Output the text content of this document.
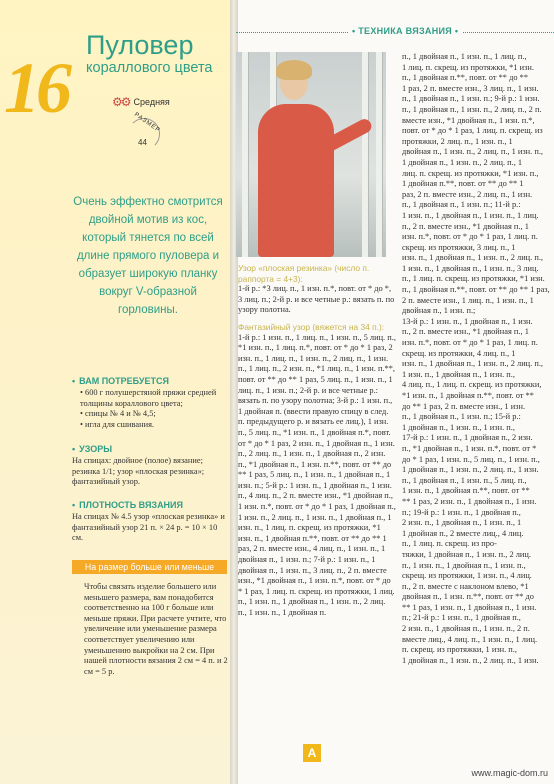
16
Пуловер
кораллового цвета
⚙⚙ Средняя
РАЗМЕР
44
Очень эффектно смотрится двойной мотив из кос, который тянется по всей длине прямого пуловера и образует широкую планку вокруг V-образной горловины.
• ВАМ ПОТРЕБУЕТСЯ
• 600 г полушерстяной пряжи средней толщины кораллового цвета;
• спицы № 4 и № 4,5;
• игла для сшивания.
• УЗОРЫ
На спицах: двойное (полое) вязание; резинка 1/1; узор «плоская резинка»; фантазийный узор.
• ПЛОТНОСТЬ ВЯЗАНИЯ
На спицах № 4.5 узор «плоская резинка» и фантазийный узор 21 п. × 24 р. = 10 × 10 см.
На размер больше или меньше
Чтобы связать изделие большего или меньшего размера, вам понадобится соответственно на 100 г больше или меньше пряжи. При расчете учтите, что увеличение или уменьшение размера соответствует увеличению или уменьшению выкройки на 2 см. При нашей плотности вязания 2 см = 4 п. и 2 см = 5 р.
• ТЕХНИКА ВЯЗАНИЯ •
Узор «плоская резинка» (число п. раппорта = 4+3):
1-й р.: *3 лиц. п., 1 изн. п.*, повт. от * до *, 3 лиц. п.; 2-й р. и все четные р.: вязать п. по узору полотна.
Фантазийный узор (вяжется на 34 п.):
1-й р.: 1 изн. п., 1 лиц. п., 1 изн. п., 5 лиц. п., *1 изн. п., 1 лиц. п.*, повт. от * до * 1 раз, 2 изн. п., 1 лиц. п., 1 изн. п., 2 лиц. п., 1 изн. п., 1 лиц. п., 2 изн. п., *1 лиц. п., 1 изн. п.**, повт. от ** до ** 1 раз, 5 лиц. п., 1 изн. п., 1 лиц. п., 1 изн. п.; 2-й р. и все четные р.: вязать п. по узору полотна; 3-й р.: 1 изн. п., 1 двойная п. (ввести правую спицу в след. п. предыдущего р. и вязать ее лиц.), 1 изн. п., 5 лиц. п., *1 изн. п., 1 двойная п.*, повт. от * до * 1 раз, 2 изн. п., 1 двойная п., 1 изн. п., 2 лиц. п., 1 изн. п., 1 двойная п., 2 изн. п., *1 двойная п., 1 изн. п.**, повт. от ** до ** 1 раз, 5 лиц. п., 1 изн. п., 1 двойная п., 1 изн. п.; 5-й р.: 1 изн. п., 1 двойная п., 1 изн. п., 4 лиц. п., 2 п. вместе изн., *1 двойная п., 1 изн. п.*, повт. от * до * 1 раз, 1 двойная п., 1 изн. п., 2 лиц. п., 1 изн. п., 1 двойная п., 1 изн. п., 1 лиц. п. скрещ. из протяжки, *1 изн. п., 1 двойная п.**, повт. от ** до ** 1 раз, 2 п. вместе изн., 4 лиц. п., 1 изн. п., 1 двойная п., 1 изн. п.; 7-й р.: 1 изн. п., 1 двойная п., 1 изн. п., 3 лиц. п., 2 п. вместе изн., *1 двойная п., 1 изн. п.*, повт. от * до * 1 раз, 1 лиц. п. скрещ. из протяжки, 1 лиц. п., 1 изн. п., 1 двойная п., 1 изн. п., 2 лиц. п., 1 изн. п., 1 двойная п.
п., 1 двойная п., 1 изн. п., 1 лиц. п.,
1 лиц. п. скрещ. из протяжки, *1 изн.
п., 1 двойная п.**, повт. от ** до **
1 раз, 2 п. вместе изн., 3 лиц. п., 1 изн.
п., 1 двойная п., 1 изн. п.; 9-й р.: 1 изн.
п., 1 двойная п., 1 изн. п., 2 лиц. п., 2 п.
вместе изн., *1 двойная п., 1 изн. п.*,
повт. от * до * 1 раз, 1 лиц. п. скрещ. из
протяжки, 2 лиц. п., 1 изн. п., 1
двойная п., 1 изн. п., 2 лиц. п., 1 изн. п.,
1 двойная п., 1 изн. п., 2 лиц. п., 1
лиц. п. скрещ. из протяжки, *1 изн. п.,
1 двойная п.**, повт. от ** до ** 1
раз, 2 п. вместе изн., 2 лиц. п., 1 изн.
п., 1 двойная п., 1 изн. п.; 11-й р.:
1 изн. п., 1 двойная п., 1 изн. п., 1 лиц.
п., 2 п. вместе изн., *1 двойная п., 1
изн. п.*, повт. от * до * 1 раз, 1 лиц. п.
скрещ. из протяжки, 3 лиц. п., 1
изн. п., 1 двойная п., 1 изн. п., 2 лиц. п.,
1 изн. п., 1 двойная п., 1 изн. п., 3 лиц.
п., 1 лиц. п. скрещ. из протяжки, *1 изн.
п., 1 двойная п.**, повт. от ** до ** 1 раз,
2 п. вместе изн., 1 лиц. п., 1 изн. п., 1
двойная п., 1 изн. п.;
13-й р.: 1 изн. п., 1 двойная п., 1 изн.
п., 2 п. вместе изн., *1 двойная п., 1
изн. п.*, повт. от * до * 1 раз, 1 лиц. п.
скрещ. из протяжки, 4 лиц. п., 1
изн. п., 1 двойная п., 1 изн. п., 2 лиц. п.,
1 изн. п., 1 двойная п., 1 изн. п.,
4 лиц. п., 1 лиц. п. скрещ. из протяжки,
*1 изн. п., 1 двойная п.**, повт. от **
до ** 1 раз, 2 п. вместе изн., 1 изн.
п., 1 двойная п., 1 изн. п.; 15-й р.:
1 двойная п., 1 изн. п., 1 изн. п.,
17-й р.: 1 изн. п., 1 двойная п., 2 изн.
п., *1 двойная п., 1 изн. п.*, повт. от *
до * 1 раз, 1 изн. п., 5 лиц. п., 1 изн. п.,
1 двойная п., 1 изн. п., 2 лиц. п., 1 изн.
п., 1 двойная п., 1 изн. п., 5 лиц. п.,
1 изн. п., 1 двойная п.**, повт. от **
** 1 раз, 2 изн. п., 1 двойная п., 1 изн.
п.; 19-й р.: 1 изн. п., 1 двойная п.,
2 изн. п., 1 двойная п., 1 изн. п., 1
1 двойная п., 2 вместе лиц., 4 лиц.
п., 1 лиц. п. скрещ. из про-
тяжки, 1 двойная п., 1 изн. п., 2 лиц.
п., 1 изн. п., 1 двойная п., 1 изн. п.,
скрещ. из протяжки, 1 изн. п., 4 лиц.
п., 2 п. вместе с наклоном влево, *1
двойная п., 1 изн. п.**, повт. от ** до
** 1 раз, 1 изн. п., 1 двойная п., 1 изн.
п.; 21-й р.: 1 изн. п., 1 двойная п.,
2 изн. п., 1 двойная п., 1 изн. п., 2 п.
вместе лиц., 4 лиц. п., 1 изн. п., 1 лиц.
п. скрещ. из протяжки, 1 изн. п.,
1 двойная п., 1 изн. п., 2 лиц. п., 1 изн.
A
www.magic-dom.ru
